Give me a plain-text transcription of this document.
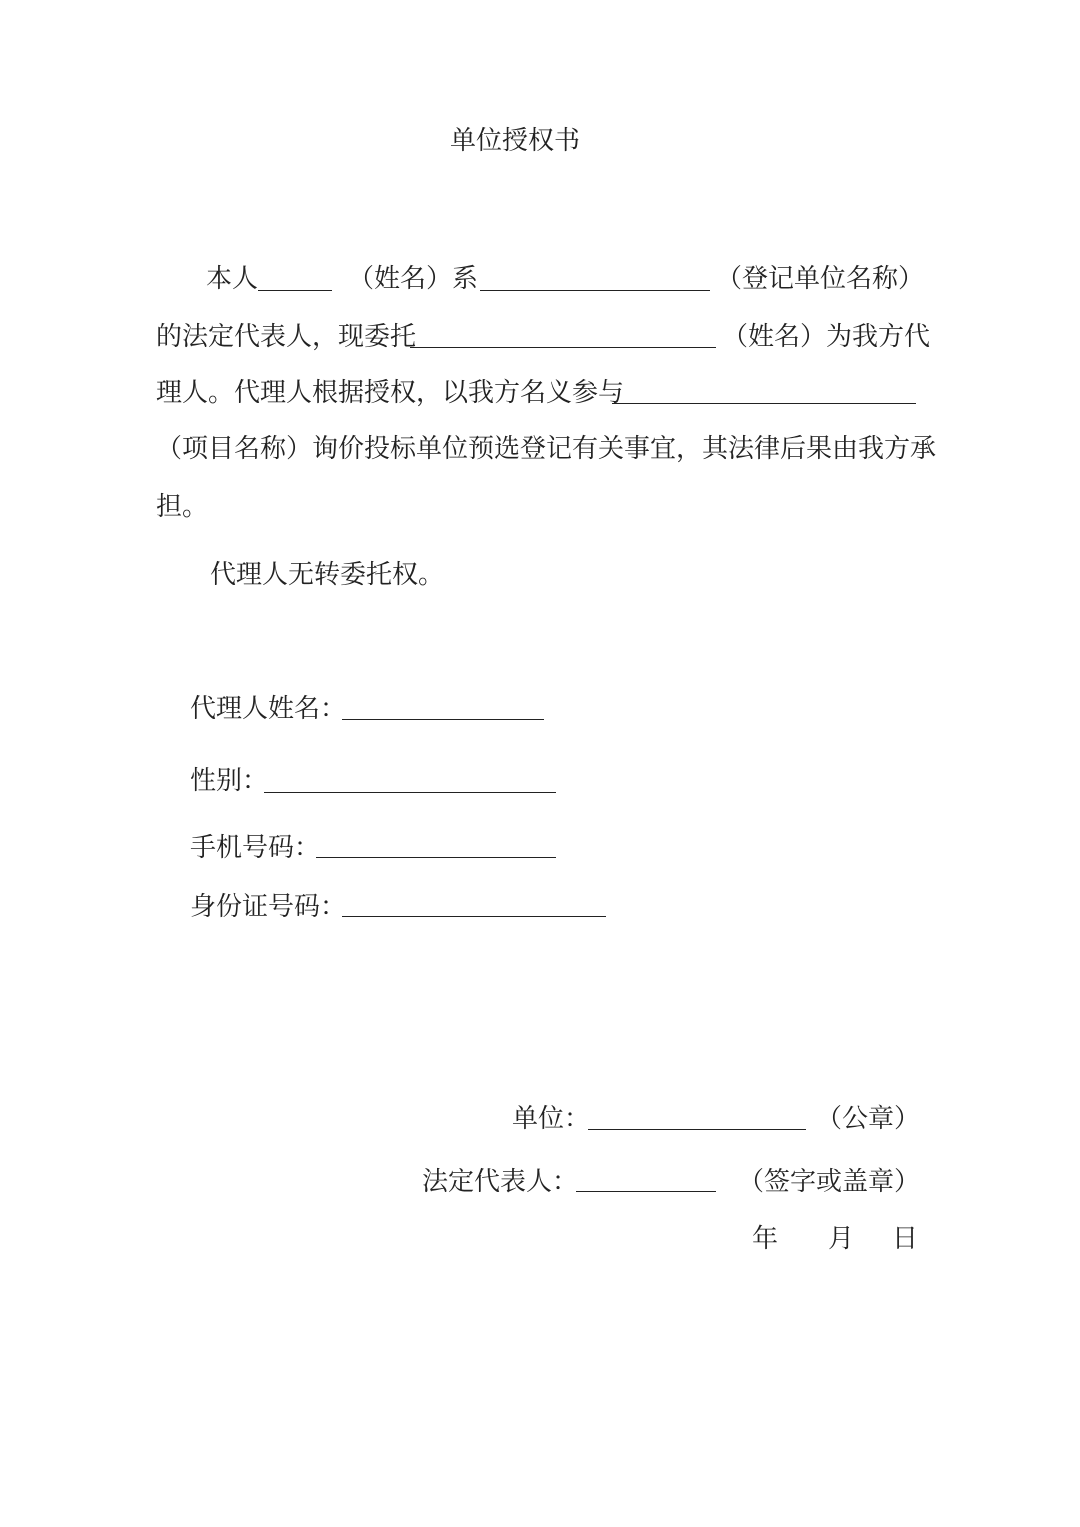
单位授权书
本人	（姓名）系	（登记单位名称）
的法定代表人，现委托	（姓名）为我方代
理人。代理人根据授权，以我方名义参与
（项目名称）询价投标单位预选登记有关事宜，其法律后果由我方承
担。
代理人无转委托权。
代理人姓名：
性别：
手机号码：
身份证号码：
单位：	（公章）
法定代表人：	（签字或盖章）
年 月 日
